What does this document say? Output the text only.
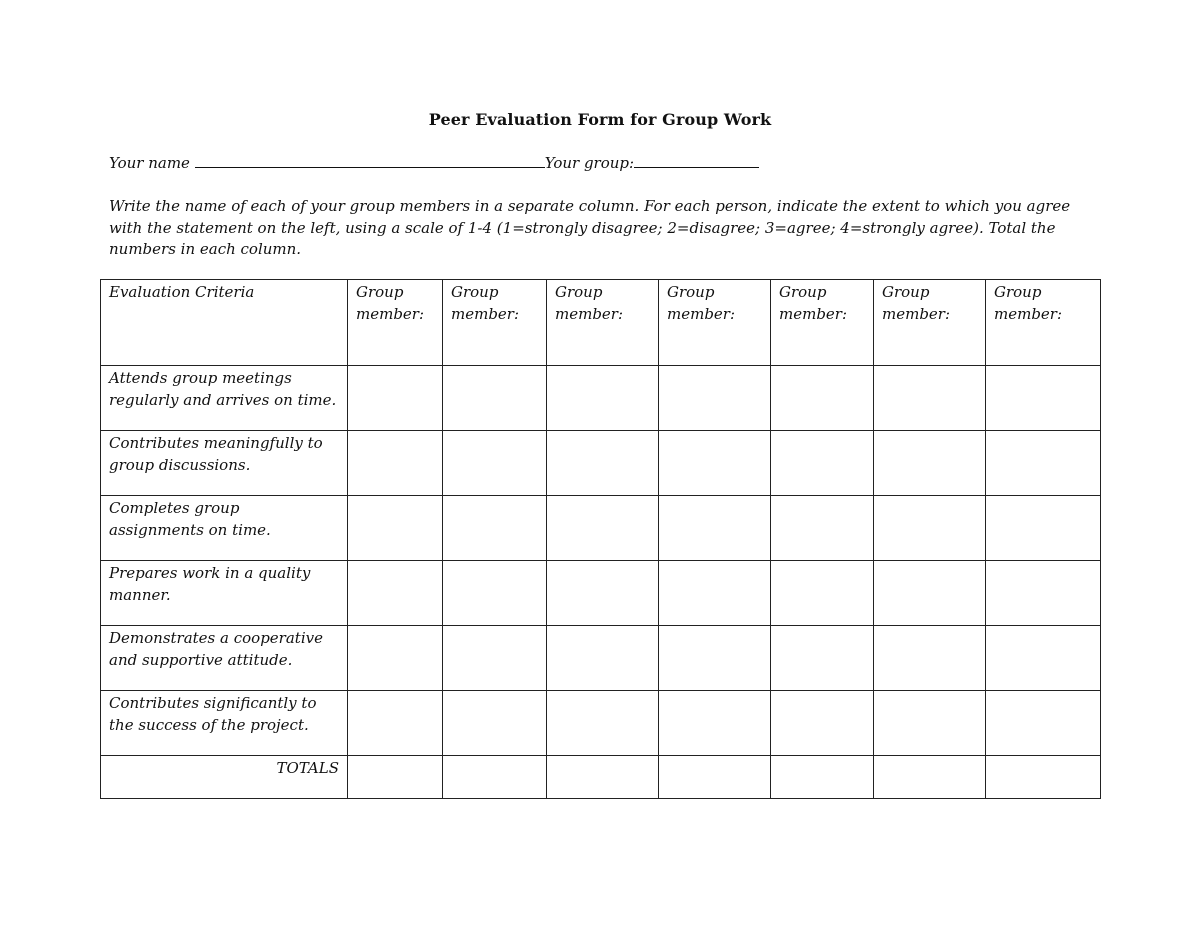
Peer Evaluation Form for Group Work
Your name	Your group:
Write the name of each of your group members in a separate column. For each person, indicate the extent to which you agree with the statement on the left, using a scale of 1-4 (1=strongly disagree; 2=disagree; 3=agree; 4=strongly agree). Total the numbers in each column.
Evaluation Criteria	Group member:	Group member:	Group member:	Group member:	Group member:	Group member:	Group member:
Attends group meetings regularly and arrives on time.							
Contributes meaningfully to group discussions.							
Completes group assignments on time.							
Prepares work in a quality manner.							
Demonstrates a cooperative and supportive attitude.							
Contributes significantly to the success of the project.							
TOTALS							
